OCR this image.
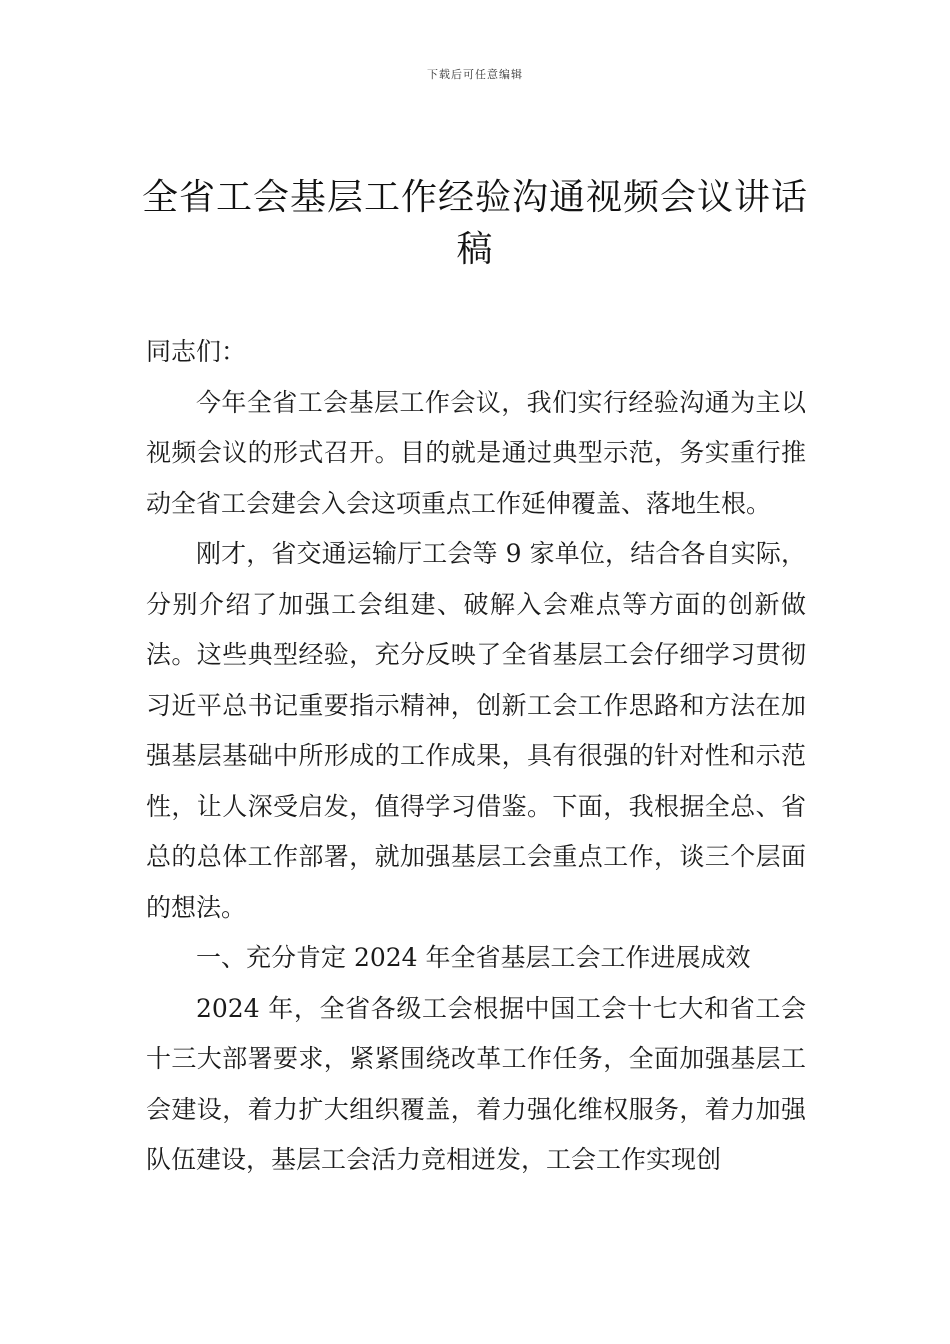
下载后可任意编辑
全省工会基层工作经验沟通视频会议讲话
稿

同志们：

今年全省工会基层工作会议，我们实行经验沟通为主以视频会议的形式召开。目的就是通过典型示范，务实重行推动全省工会建会入会这项重点工作延伸覆盖、落地生根。

刚才，省交通运输厅工会等 9 家单位，结合各自实际，分别介绍了加强工会组建、破解入会难点等方面的创新做法。这些典型经验，充分反映了全省基层工会仔细学习贯彻习近平总书记重要指示精神，创新工会工作思路和方法在加强基层基础中所形成的工作成果，具有很强的针对性和示范性，让人深受启发，值得学习借鉴。下面，我根据全总、省总的总体工作部署，就加强基层工会重点工作，谈三个层面的想法。

一、充分肯定 2024 年全省基层工会工作进展成效

2024 年，全省各级工会根据中国工会十七大和省工会十三大部署要求，紧紧围绕改革工作任务，全面加强基层工会建设，着力扩大组织覆盖，着力强化维权服务，着力加强队伍建设，基层工会活力竞相迸发，工会工作实现创
